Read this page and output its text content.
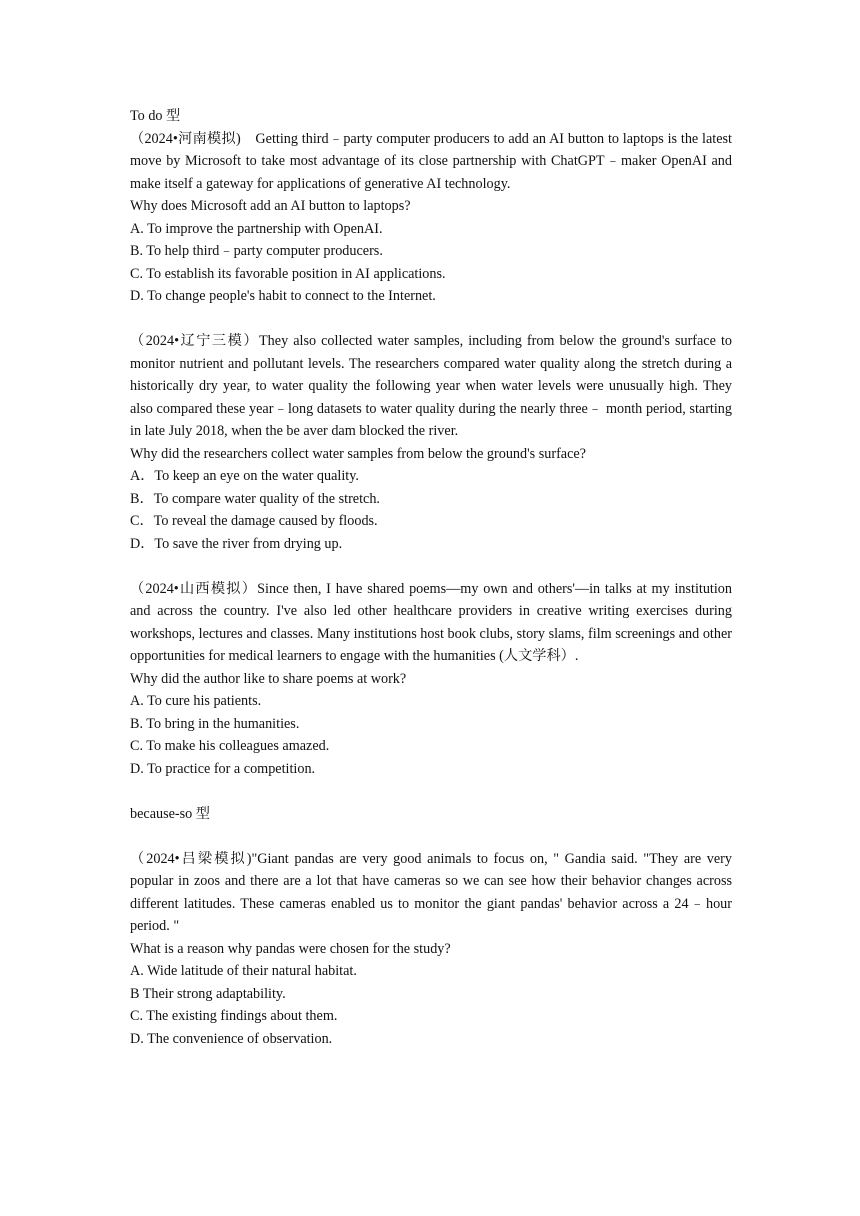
To do 型
（2024•河南模拟)　Getting third﹣party computer producers to add an AI button to laptops is the latest move by Microsoft to take most advantage of its close partnership with ChatGPT﹣maker OpenAI and make itself a gateway for applications of generative AI technology.
Why does Microsoft add an AI button to laptops?
A. To improve the partnership with OpenAI.
B. To help third﹣party computer producers.
C. To establish its favorable position in AI applications.
D. To change people's habit to connect to the Internet.
（2024•辽宁三模）They also collected water samples, including from below the ground's surface to monitor nutrient and pollutant levels. The researchers compared water quality along the stretch during a historically dry year, to water quality the following year when water levels were unusually high. They also compared these year﹣long datasets to water quality during the nearly three﹣ month period, starting in late July 2018, when the be aver dam blocked the river.
Why did the researchers collect water samples from below the ground's surface?
A．To keep an eye on the water quality.
B．To compare water quality of the stretch.
C．To reveal the damage caused by floods.
D．To save the river from drying up.
（2024•山西模拟）Since then, I have shared poems—my own and others'—in talks at my institution and across the country. I've also led other healthcare providers in creative writing exercises during workshops, lectures and classes. Many institutions host book clubs, story slams, film screenings and other opportunities for medical learners to engage with the humanities (人文学科）.
Why did the author like to share poems at work?
A. To cure his patients.
B. To bring in the humanities.
C. To make his colleagues amazed.
D. To practice for a competition.
because-so 型
（2024•吕梁模拟)"Giant pandas are very good animals to focus on, " Gandia said. "They are very popular in zoos and there are a lot that have cameras so we can see how their behavior changes across different latitudes. These cameras enabled us to monitor the giant pandas' behavior across a 24﹣hour period. "
What is a reason why pandas were chosen for the study?
A. Wide latitude of their natural habitat.
B Their strong adaptability.
C. The existing findings about them.
D. The convenience of observation.
